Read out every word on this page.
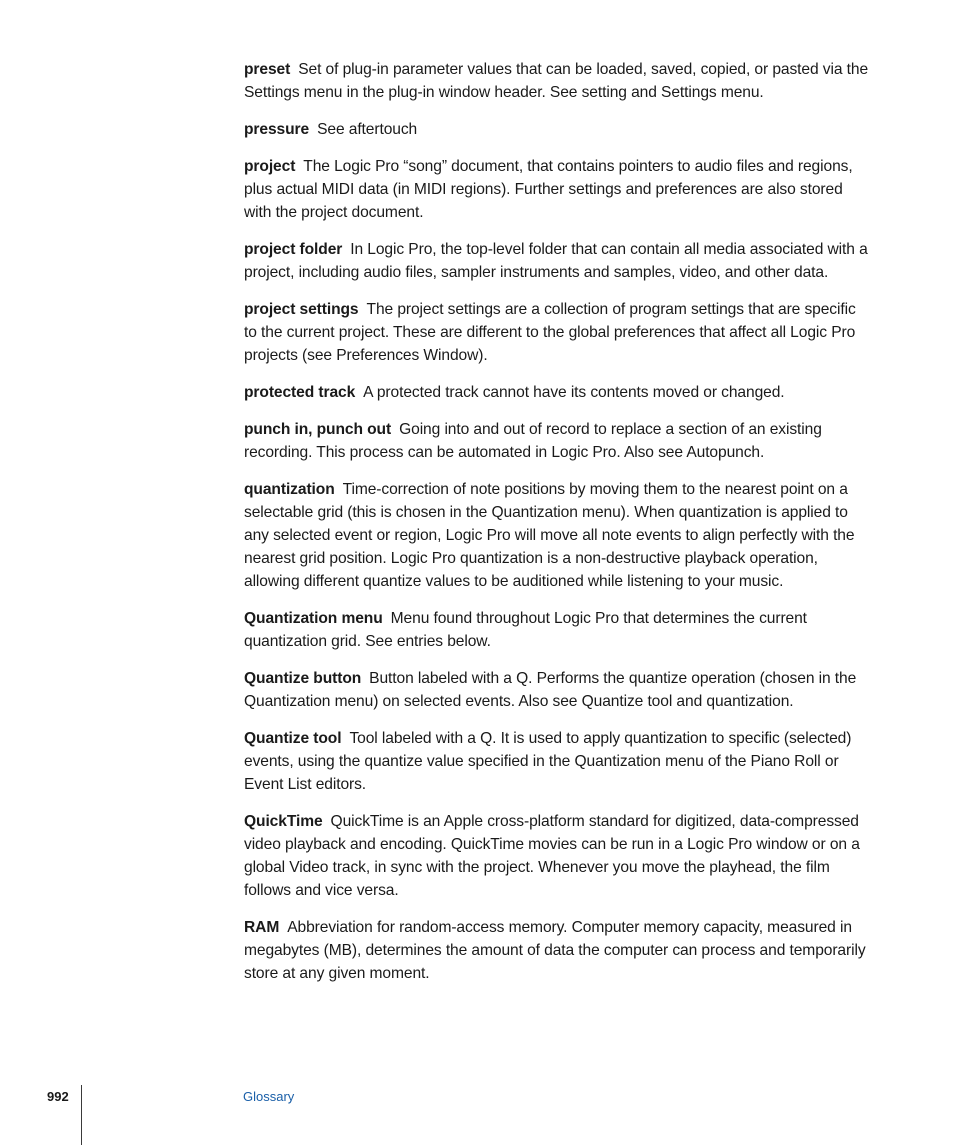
preset Set of plug-in parameter values that can be loaded, saved, copied, or pasted via the Settings menu in the plug-in window header. See setting and Settings menu.

pressure See aftertouch

project The Logic Pro “song” document, that contains pointers to audio files and regions, plus actual MIDI data (in MIDI regions). Further settings and preferences are also stored with the project document.

project folder In Logic Pro, the top-level folder that can contain all media associated with a project, including audio files, sampler instruments and samples, video, and other data.

project settings The project settings are a collection of program settings that are specific to the current project. These are different to the global preferences that affect all Logic Pro projects (see Preferences Window).

protected track A protected track cannot have its contents moved or changed.

punch in, punch out Going into and out of record to replace a section of an existing recording. This process can be automated in Logic Pro. Also see Autopunch.

quantization Time-correction of note positions by moving them to the nearest point on a selectable grid (this is chosen in the Quantization menu). When quantization is applied to any selected event or region, Logic Pro will move all note events to align perfectly with the nearest grid position. Logic Pro quantization is a non-destructive playback operation, allowing different quantize values to be auditioned while listening to your music.

Quantization menu Menu found throughout Logic Pro that determines the current quantization grid. See entries below.

Quantize button Button labeled with a Q. Performs the quantize operation (chosen in the Quantization menu) on selected events. Also see Quantize tool and quantization.

Quantize tool Tool labeled with a Q. It is used to apply quantization to specific (selected) events, using the quantize value specified in the Quantization menu of the Piano Roll or Event List editors.

QuickTime QuickTime is an Apple cross-platform standard for digitized, data-compressed video playback and encoding. QuickTime movies can be run in a Logic Pro window or on a global Video track, in sync with the project. Whenever you move the playhead, the film follows and vice versa.

RAM Abbreviation for random-access memory. Computer memory capacity, measured in megabytes (MB), determines the amount of data the computer can process and temporarily store at any given moment.

992	Glossary
